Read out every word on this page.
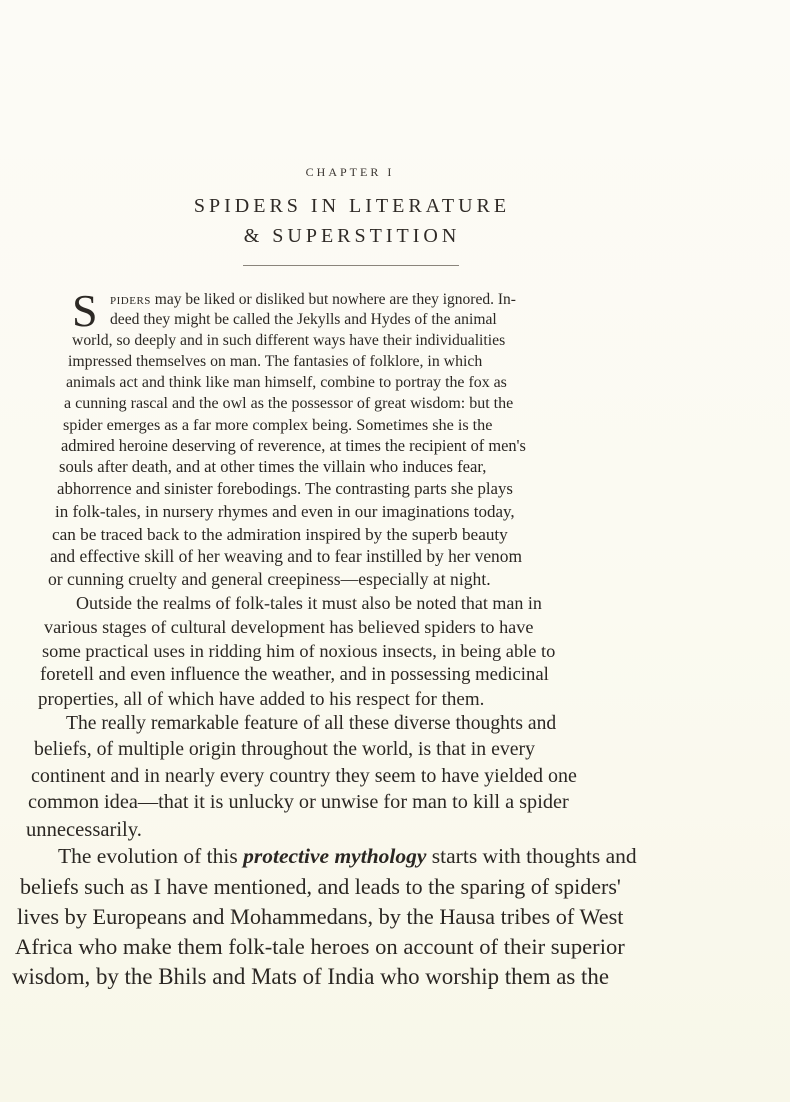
CHAPTER I
SPIDERS IN LITERATURE
& SUPERSTITION
S piders may be liked or disliked but nowhere are they ignored. In-
deed they might be called the Jekylls and Hydes of the animal
world, so deeply and in such different ways have their individualities
impressed themselves on man. The fantasies of folklore, in which
animals act and think like man himself, combine to portray the fox as
a cunning rascal and the owl as the possessor of great wisdom: but the
spider emerges as a far more complex being. Sometimes she is the
admired heroine deserving of reverence, at times the recipient of men's
souls after death, and at other times the villain who induces fear,
abhorrence and sinister forebodings. The contrasting parts she plays
in folk-tales, in nursery rhymes and even in our imaginations today,
can be traced back to the admiration inspired by the superb beauty
and effective skill of her weaving and to fear instilled by her venom
or cunning cruelty and general creepiness—especially at night.
Outside the realms of folk-tales it must also be noted that man in
various stages of cultural development has believed spiders to have
some practical uses in ridding him of noxious insects, in being able to
foretell and even influence the weather, and in possessing medicinal
properties, all of which have added to his respect for them.
The really remarkable feature of all these diverse thoughts and
beliefs, of multiple origin throughout the world, is that in every
continent and in nearly every country they seem to have yielded one
common idea—that it is unlucky or unwise for man to kill a spider
unnecessarily.
The evolution of this protective mythology starts with thoughts and
beliefs such as I have mentioned, and leads to the sparing of spiders'
lives by Europeans and Mohammedans, by the Hausa tribes of West
Africa who make them folk-tale heroes on account of their superior
wisdom, by the Bhils and Mats of India who worship them as the
